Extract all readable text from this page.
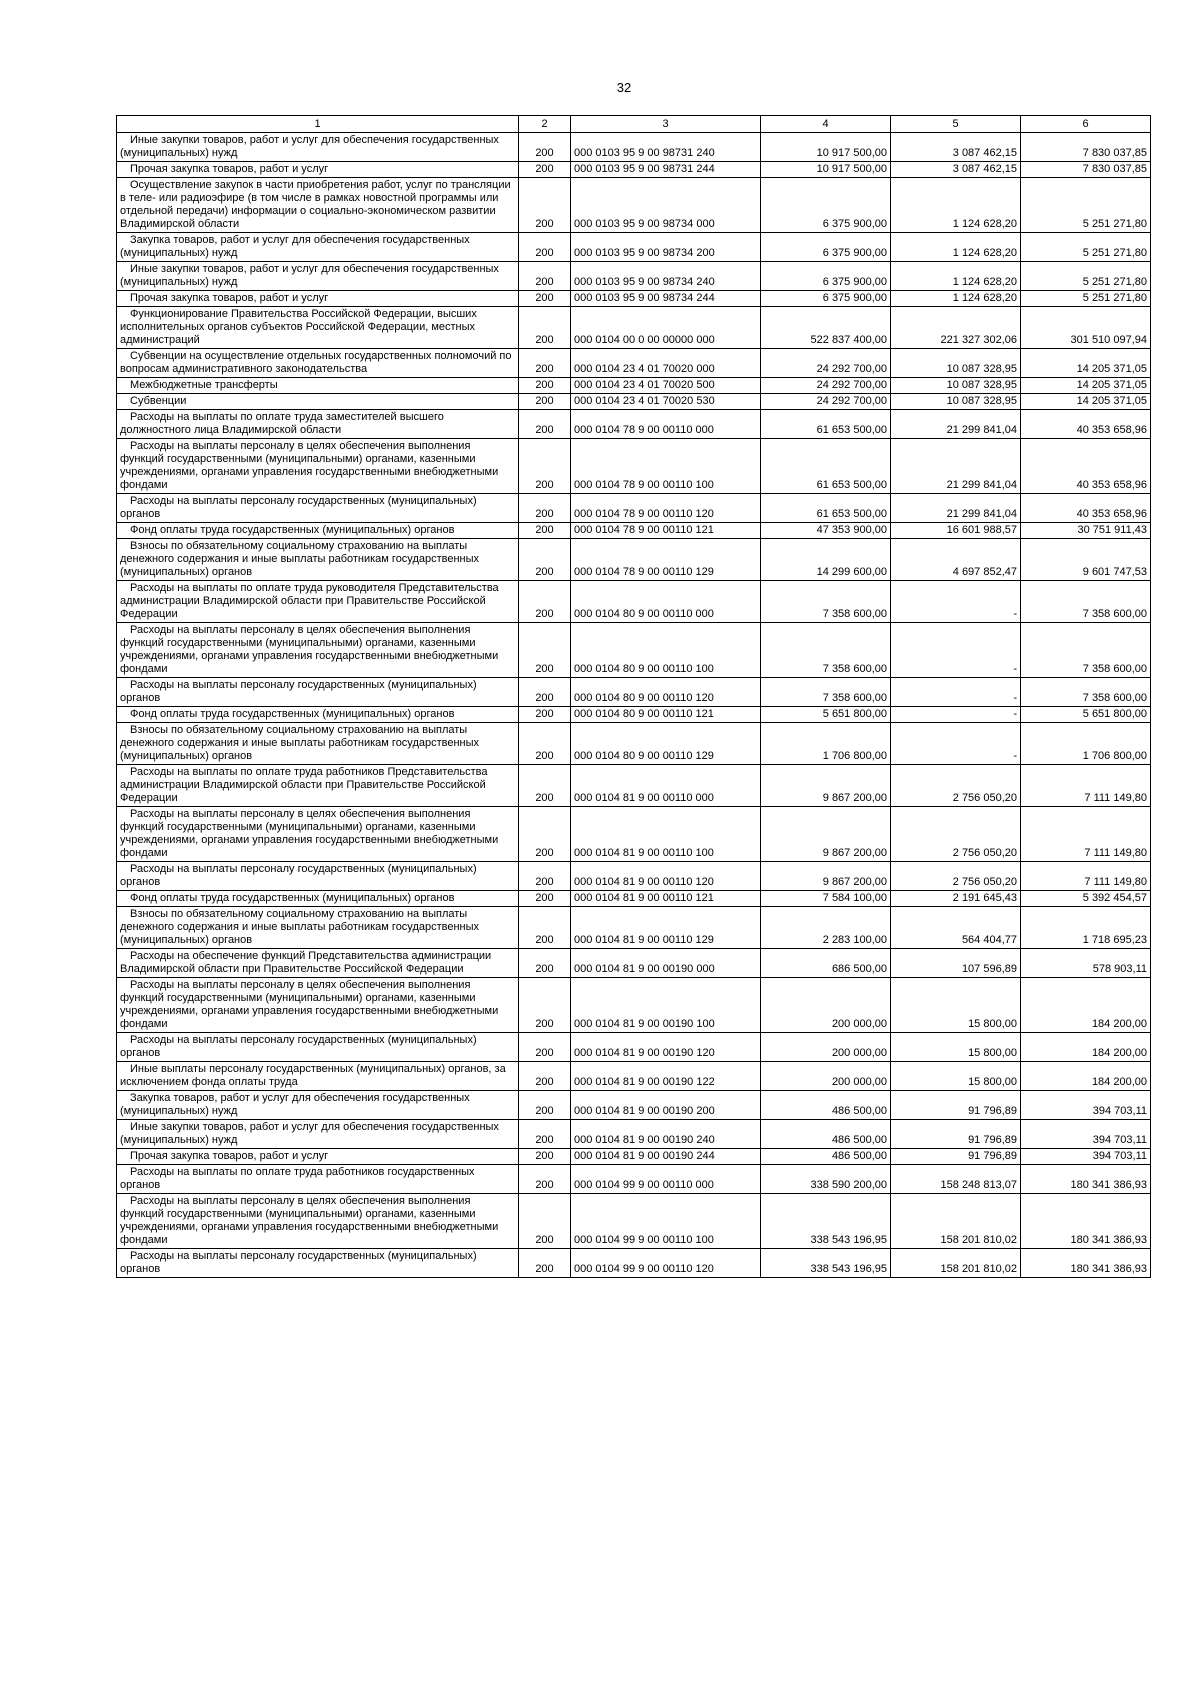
32
1	2	3	4	5	6
Иные закупки товаров, работ и услуг для обеспечения государственных (муниципальных) нужд	200	000 0103 95 9 00 98731 240	10 917 500,00	3 087 462,15	7 830 037,85
Прочая закупка товаров, работ и услуг	200	000 0103 95 9 00 98731 244	10 917 500,00	3 087 462,15	7 830 037,85
Осуществление закупок в части приобретения работ, услуг по трансляции в теле- или радиоэфире (в том числе в рамках новостной программы или отдельной передачи) информации о социально-экономическом развитии Владимирской области	200	000 0103 95 9 00 98734 000	6 375 900,00	1 124 628,20	5 251 271,80
Закупка товаров, работ и услуг для обеспечения государственных (муниципальных) нужд	200	000 0103 95 9 00 98734 200	6 375 900,00	1 124 628,20	5 251 271,80
Иные закупки товаров, работ и услуг для обеспечения государственных (муниципальных) нужд	200	000 0103 95 9 00 98734 240	6 375 900,00	1 124 628,20	5 251 271,80
Прочая закупка товаров, работ и услуг	200	000 0103 95 9 00 98734 244	6 375 900,00	1 124 628,20	5 251 271,80
Функционирование Правительства Российской Федерации, высших исполнительных органов субъектов Российской Федерации, местных администраций	200	000 0104 00 0 00 00000 000	522 837 400,00	221 327 302,06	301 510 097,94
Субвенции на осуществление отдельных государственных полномочий по вопросам административного законодательства	200	000 0104 23 4 01 70020 000	24 292 700,00	10 087 328,95	14 205 371,05
Межбюджетные трансферты	200	000 0104 23 4 01 70020 500	24 292 700,00	10 087 328,95	14 205 371,05
Субвенции	200	000 0104 23 4 01 70020 530	24 292 700,00	10 087 328,95	14 205 371,05
Расходы на выплаты по оплате труда заместителей высшего должностного лица Владимирской области	200	000 0104 78 9 00 00110 000	61 653 500,00	21 299 841,04	40 353 658,96
Расходы на выплаты персоналу в целях обеспечения выполнения функций государственными (муниципальными) органами, казенными учреждениями, органами управления государственными внебюджетными фондами	200	000 0104 78 9 00 00110 100	61 653 500,00	21 299 841,04	40 353 658,96
Расходы на выплаты персоналу государственных (муниципальных) органов	200	000 0104 78 9 00 00110 120	61 653 500,00	21 299 841,04	40 353 658,96
Фонд оплаты труда государственных (муниципальных) органов	200	000 0104 78 9 00 00110 121	47 353 900,00	16 601 988,57	30 751 911,43
Взносы по обязательному социальному страхованию на выплаты денежного содержания и иные выплаты работникам государственных (муниципальных) органов	200	000 0104 78 9 00 00110 129	14 299 600,00	4 697 852,47	9 601 747,53
Расходы на выплаты по оплате труда руководителя Представительства администрации Владимирской области при Правительстве Российской Федерации	200	000 0104 80 9 00 00110 000	7 358 600,00	-	7 358 600,00
Расходы на выплаты персоналу в целях обеспечения выполнения функций государственными (муниципальными) органами, казенными учреждениями, органами управления государственными внебюджетными фондами	200	000 0104 80 9 00 00110 100	7 358 600,00	-	7 358 600,00
Расходы на выплаты персоналу государственных (муниципальных) органов	200	000 0104 80 9 00 00110 120	7 358 600,00	-	7 358 600,00
Фонд оплаты труда государственных (муниципальных) органов	200	000 0104 80 9 00 00110 121	5 651 800,00	-	5 651 800,00
Взносы по обязательному социальному страхованию на выплаты денежного содержания и иные выплаты работникам государственных (муниципальных) органов	200	000 0104 80 9 00 00110 129	1 706 800,00	-	1 706 800,00
Расходы на выплаты по оплате труда работников Представительства администрации Владимирской области при Правительстве Российской Федерации	200	000 0104 81 9 00 00110 000	9 867 200,00	2 756 050,20	7 111 149,80
Расходы на выплаты персоналу в целях обеспечения выполнения функций государственными (муниципальными) органами, казенными учреждениями, органами управления государственными внебюджетными фондами	200	000 0104 81 9 00 00110 100	9 867 200,00	2 756 050,20	7 111 149,80
Расходы на выплаты персоналу государственных (муниципальных) органов	200	000 0104 81 9 00 00110 120	9 867 200,00	2 756 050,20	7 111 149,80
Фонд оплаты труда государственных (муниципальных) органов	200	000 0104 81 9 00 00110 121	7 584 100,00	2 191 645,43	5 392 454,57
Взносы по обязательному социальному страхованию на выплаты денежного содержания и иные выплаты работникам государственных (муниципальных) органов	200	000 0104 81 9 00 00110 129	2 283 100,00	564 404,77	1 718 695,23
Расходы на обеспечение функций Представительства администрации Владимирской области при Правительстве Российской Федерации	200	000 0104 81 9 00 00190 000	686 500,00	107 596,89	578 903,11
Расходы на выплаты персоналу в целях обеспечения выполнения функций государственными (муниципальными) органами, казенными учреждениями, органами управления государственными внебюджетными фондами	200	000 0104 81 9 00 00190 100	200 000,00	15 800,00	184 200,00
Расходы на выплаты персоналу государственных (муниципальных) органов	200	000 0104 81 9 00 00190 120	200 000,00	15 800,00	184 200,00
Иные выплаты персоналу государственных (муниципальных) органов, за исключением фонда оплаты труда	200	000 0104 81 9 00 00190 122	200 000,00	15 800,00	184 200,00
Закупка товаров, работ и услуг для обеспечения государственных (муниципальных) нужд	200	000 0104 81 9 00 00190 200	486 500,00	91 796,89	394 703,11
Иные закупки товаров, работ и услуг для обеспечения государственных (муниципальных) нужд	200	000 0104 81 9 00 00190 240	486 500,00	91 796,89	394 703,11
Прочая закупка товаров, работ и услуг	200	000 0104 81 9 00 00190 244	486 500,00	91 796,89	394 703,11
Расходы на выплаты по оплате труда работников государственных органов	200	000 0104 99 9 00 00110 000	338 590 200,00	158 248 813,07	180 341 386,93
Расходы на выплаты персоналу в целях обеспечения выполнения функций государственными (муниципальными) органами, казенными учреждениями, органами управления государственными внебюджетными фондами	200	000 0104 99 9 00 00110 100	338 543 196,95	158 201 810,02	180 341 386,93
Расходы на выплаты персоналу государственных (муниципальных) органов	200	000 0104 99 9 00 00110 120	338 543 196,95	158 201 810,02	180 341 386,93
